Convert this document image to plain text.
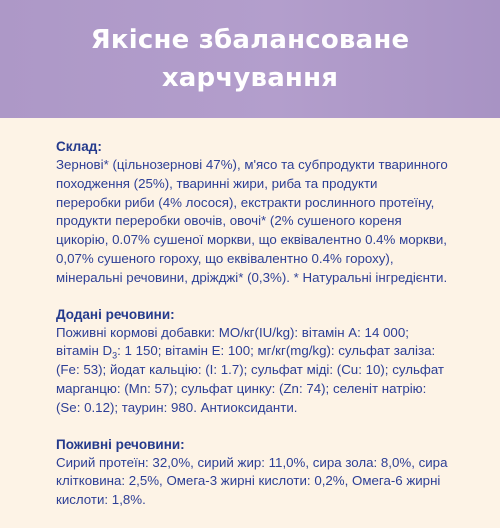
Якісне збалансоване
харчування
Склад:
Зернові* (цільнозернові 47%), м'ясо та субпродукти тваринного
походження (25%), тваринні жири, риба та продукти
переробки риби (4% лосося), екстракти рослинного протеїну,
продукти переробки овочів, овочі* (2% сушеного кореня
цикорію, 0.07% сушеної моркви, що еквівалентно 0.4% моркви,
0,07% сушеного гороху, що еквівалентно 0.4% гороху),
мінеральні речовини, дріжджі* (0,3%). * Натуральні інгредієнти.
Додані речовини:
Поживні кормові добавки: МО/кг(IU/kg): вітамін А: 14 000;
вітамін $D_3$: 1 150; вітамін Е: 100; мг/кг(mg/kg): сульфат заліза:
(Fe: 53); йодат кальцію: (I: 1.7); сульфат міді: (Cu: 10); сульфат
марганцю: (Mn: 57); сульфат цинку: (Zn: 74); селеніт натрію:
(Se: 0.12); таурин: 980. Антиоксиданти.
Поживні речовини:
Сирий протеїн: 32,0%, сирий жир: 11,0%, сира зола: 8,0%, сира
клітковина: 2,5%, Омега-3 жирні кислоти: 0,2%, Омега-6 жирні
кислоти: 1,8%.
